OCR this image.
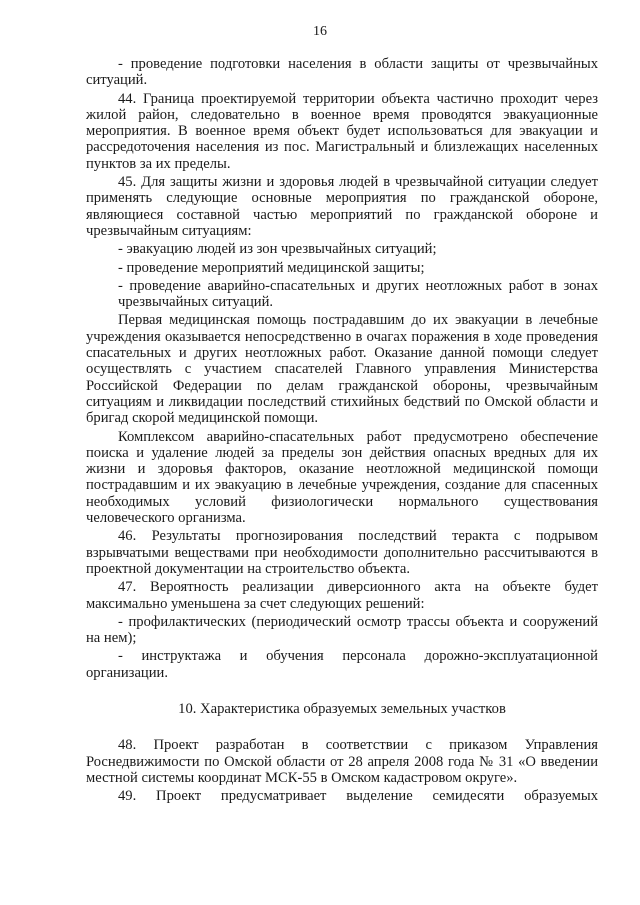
16

- проведение подготовки населения в области защиты от чрезвычайных ситуаций.

44. Граница проектируемой территории объекта частично проходит через жилой район, следовательно в военное время проводятся эвакуационные мероприятия. В военное время объект будет использоваться для эвакуации и рассредоточения населения из пос. Магистральный и близлежащих населенных пунктов за их пределы.

45. Для защиты жизни и здоровья людей в чрезвычайной ситуации следует применять следующие основные мероприятия по гражданской обороне, являющиеся составной частью мероприятий по гражданской обороне и чрезвычайным ситуациям:

- эвакуацию людей из зон чрезвычайных ситуаций;

- проведение мероприятий медицинской защиты;

- проведение аварийно-спасательных и других неотложных работ в зонах чрезвычайных ситуаций.

Первая медицинская помощь пострадавшим до их эвакуации в лечебные учреждения оказывается непосредственно в очагах поражения в ходе проведения спасательных и других неотложных работ. Оказание данной помощи следует осуществлять с участием спасателей Главного управления Министерства Российской Федерации по делам гражданской обороны, чрезвычайным ситуациям и ликвидации последствий стихийных бедствий по Омской области и бригад скорой медицинской помощи.

Комплексом аварийно-спасательных работ предусмотрено обеспечение поиска и удаление людей за пределы зон действия опасных вредных для их жизни и здоровья факторов, оказание неотложной медицинской помощи пострадавшим и их эвакуацию в лечебные учреждения, создание для спасенных необходимых условий физиологически нормального существования человеческого организма.

46. Результаты прогнозирования последствий теракта с подрывом взрывчатыми веществами при необходимости дополнительно рассчитываются в проектной документации на строительство объекта.

47. Вероятность реализации диверсионного акта на объекте будет максимально уменьшена за счет следующих решений:

- профилактических (периодический осмотр трассы объекта и сооружений на нем);

- инструктажа и обучения персонала дорожно-эксплуатационной организации.

10. Характеристика образуемых земельных участков

48. Проект разработан в соответствии с приказом Управления Роснедвижимости по Омской области от 28 апреля 2008 года № 31 «О введении местной системы координат МСК-55 в Омском кадастровом округе».

49. Проект предусматривает выделение семидесяти образуемых
